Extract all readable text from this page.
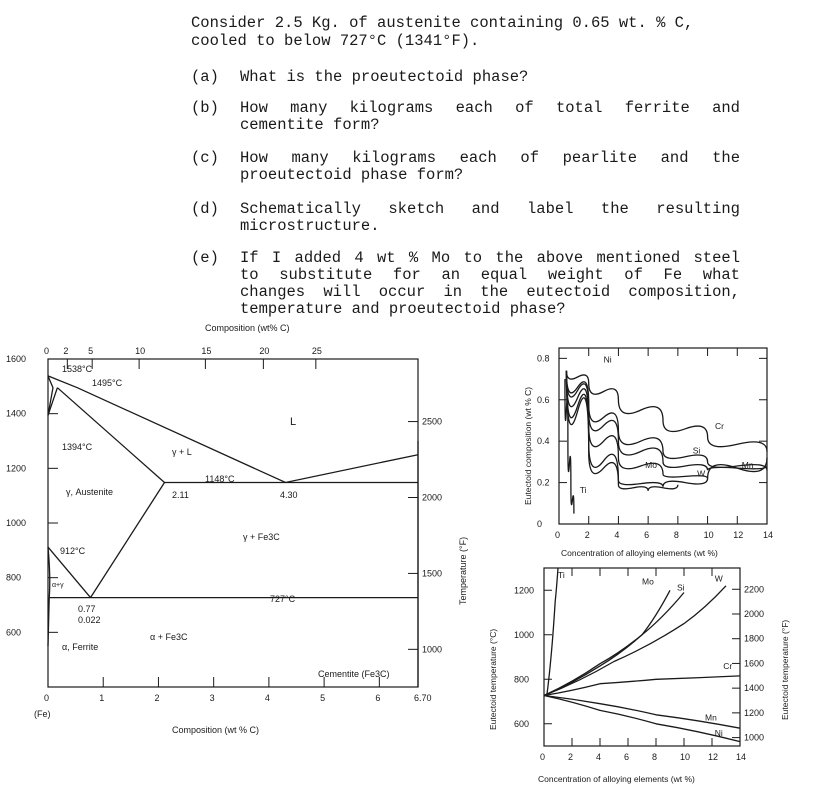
Consider 2.5 Kg. of austenite containing 0.65 wt. % C,
cooled to below 727°C (1341°F).
(a) What is the proeutectoid phase?
(b) How many kilograms each of total ferrite and
cementite form?
(c) How many kilograms each of pearlite and the
proeutectoid phase form?
(d) Schematically sketch and label the resulting
microstructure.
(e) If I added 4 wt % Mo to the above mentioned steel
to substitute for an equal weight of Fe what
changes will occur in the eutectoid composition,
temperature and proeutectoid phase?
Composition (wt% C)
Composition (wt % C)
(Fe)
Temperature (°F)
0	1	2	3	4	5	6	6.70
0 2 5	10	15	20	25
1600
1400
1200
1000
800
600
2500
2000
1500
1000
1538°C
1495°C
1394°C
1148°C
912°C
727°C
2.11	4.30
0.77
0.022
L
γ + L
γ, Austenite
γ + Fe3C
α + Fe3C
α, Ferrite
Cementite (Fe3C)
α+γ
Eutectoid composition (wt % C)
Concentration of alloying elements (wt %)
0	2	4	6	8	10 12 14
0
0.2
0.4
0.6
0.8	Ni
Cr
Si
Mo
W
Mn
Ti
Eutectoid temperature (°C)	Eutectoid temperature (°F)
Concentration of alloying elements (wt %)
0	2	4	6	8	10 12 14
600
800
1000
1200	2200
2000
1800
1600
1400
1200
1000
Ti
Mo
Si
W
Cr
Mn
Ni
